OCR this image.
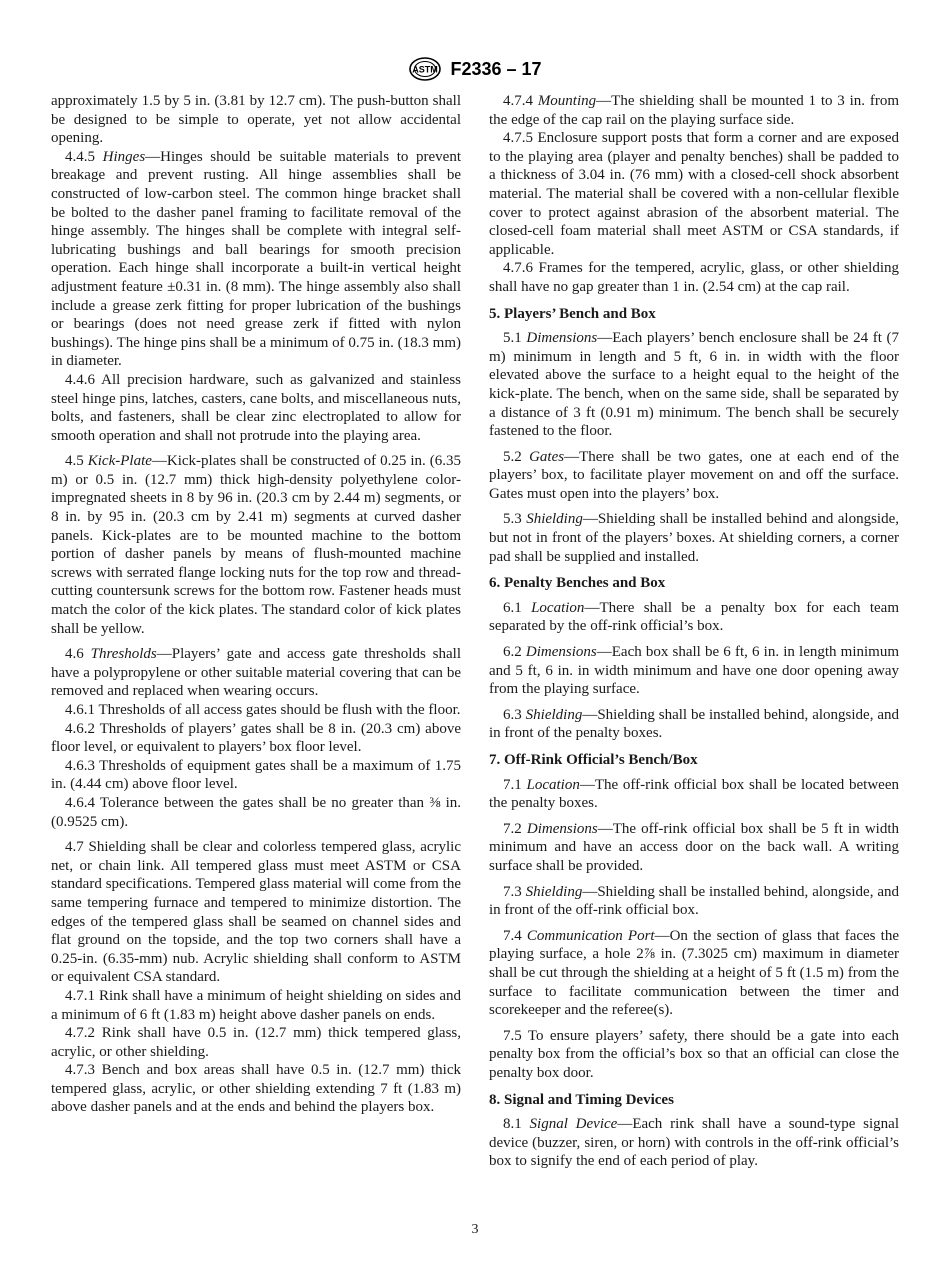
ASTM F2336 – 17

approximately 1.5 by 5 in. (3.81 by 12.7 cm). The push-button shall be designed to be simple to operate, yet not allow accidental opening.

4.4.5 Hinges—Hinges should be suitable materials to prevent breakage and prevent rusting. All hinge assemblies shall be constructed of low-carbon steel. The common hinge bracket shall be bolted to the dasher panel framing to facilitate removal of the hinge assembly. The hinges shall be complete with integral self-lubricating bushings and ball bearings for smooth precision operation. Each hinge shall incorporate a built-in vertical height adjustment feature ±0.31 in. (8 mm). The hinge assembly also shall include a grease zerk fitting for proper lubrication of the bushings or bearings (does not need grease zerk if fitted with nylon bushings). The hinge pins shall be a minimum of 0.75 in. (18.3 mm) in diameter.

4.4.6 All precision hardware, such as galvanized and stainless steel hinge pins, latches, casters, cane bolts, and miscellaneous nuts, bolts, and fasteners, shall be clear zinc electroplated to allow for smooth operation and shall not protrude into the playing area.

4.5 Kick-Plate—Kick-plates shall be constructed of 0.25 in. (6.35 m) or 0.5 in. (12.7 mm) thick high-density polyethylene color-impregnated sheets in 8 by 96 in. (20.3 cm by 2.44 m) segments, or 8 in. by 95 in. (20.3 cm by 2.41 m) segments at curved dasher panels. Kick-plates are to be mounted machine to the bottom portion of dasher panels by means of flush-mounted machine screws with serrated flange locking nuts for the top row and thread-cutting countersunk screws for the bottom row. Fastener heads must match the color of the kick plates. The standard color of kick plates shall be yellow.

4.6 Thresholds—Players’ gate and access gate thresholds shall have a polypropylene or other suitable material covering that can be removed and replaced when wearing occurs.

4.6.1 Thresholds of all access gates should be flush with the floor.

4.6.2 Thresholds of players’ gates shall be 8 in. (20.3 cm) above floor level, or equivalent to players’ box floor level.

4.6.3 Thresholds of equipment gates shall be a maximum of 1.75 in. (4.44 cm) above floor level.

4.6.4 Tolerance between the gates shall be no greater than ⅜ in. (0.9525 cm).

4.7 Shielding shall be clear and colorless tempered glass, acrylic net, or chain link. All tempered glass must meet ASTM or CSA standard specifications. Tempered glass material will come from the same tempering furnace and tempered to minimize distortion. The edges of the tempered glass shall be seamed on channel sides and flat ground on the topside, and the top two corners shall have a 0.25-in. (6.35-mm) nub. Acrylic shielding shall conform to ASTM or equivalent CSA standard.

4.7.1 Rink shall have a minimum of height shielding on sides and a minimum of 6 ft (1.83 m) height above dasher panels on ends.

4.7.2 Rink shall have 0.5 in. (12.7 mm) thick tempered glass, acrylic, or other shielding.

4.7.3 Bench and box areas shall have 0.5 in. (12.7 mm) thick tempered glass, acrylic, or other shielding extending 7 ft (1.83 m) above dasher panels and at the ends and behind the players box.

4.7.4 Mounting—The shielding shall be mounted 1 to 3 in. from the edge of the cap rail on the playing surface side.

4.7.5 Enclosure support posts that form a corner and are exposed to the playing area (player and penalty benches) shall be padded to a thickness of 3.04 in. (76 mm) with a closed-cell shock absorbent material. The material shall be covered with a non-cellular flexible cover to protect against abrasion of the absorbent material. The closed-cell foam material shall meet ASTM or CSA standards, if applicable.

4.7.6 Frames for the tempered, acrylic, glass, or other shielding shall have no gap greater than 1 in. (2.54 cm) at the cap rail.

5. Players’ Bench and Box

5.1 Dimensions—Each players’ bench enclosure shall be 24 ft (7 m) minimum in length and 5 ft, 6 in. in width with the floor elevated above the surface to a height equal to the height of the kick-plate. The bench, when on the same side, shall be separated by a distance of 3 ft (0.91 m) minimum. The bench shall be securely fastened to the floor.

5.2 Gates—There shall be two gates, one at each end of the players’ box, to facilitate player movement on and off the surface. Gates must open into the players’ box.

5.3 Shielding—Shielding shall be installed behind and alongside, but not in front of the players’ boxes. At shielding corners, a corner pad shall be supplied and installed.

6. Penalty Benches and Box

6.1 Location—There shall be a penalty box for each team separated by the off-rink official’s box.

6.2 Dimensions—Each box shall be 6 ft, 6 in. in length minimum and 5 ft, 6 in. in width minimum and have one door opening away from the playing surface.

6.3 Shielding—Shielding shall be installed behind, alongside, and in front of the penalty boxes.

7. Off-Rink Official’s Bench/Box

7.1 Location—The off-rink official box shall be located between the penalty boxes.

7.2 Dimensions—The off-rink official box shall be 5 ft in width minimum and have an access door on the back wall. A writing surface shall be provided.

7.3 Shielding—Shielding shall be installed behind, alongside, and in front of the off-rink official box.

7.4 Communication Port—On the section of glass that faces the playing surface, a hole 2⅞ in. (7.3025 cm) maximum in diameter shall be cut through the shielding at a height of 5 ft (1.5 m) from the surface to facilitate communication between the timer and scorekeeper and the referee(s).

7.5 To ensure players’ safety, there should be a gate into each penalty box from the official’s box so that an official can close the penalty box door.

8. Signal and Timing Devices

8.1 Signal Device—Each rink shall have a sound-type signal device (buzzer, siren, or horn) with controls in the off-rink official’s box to signify the end of each period of play.

3
